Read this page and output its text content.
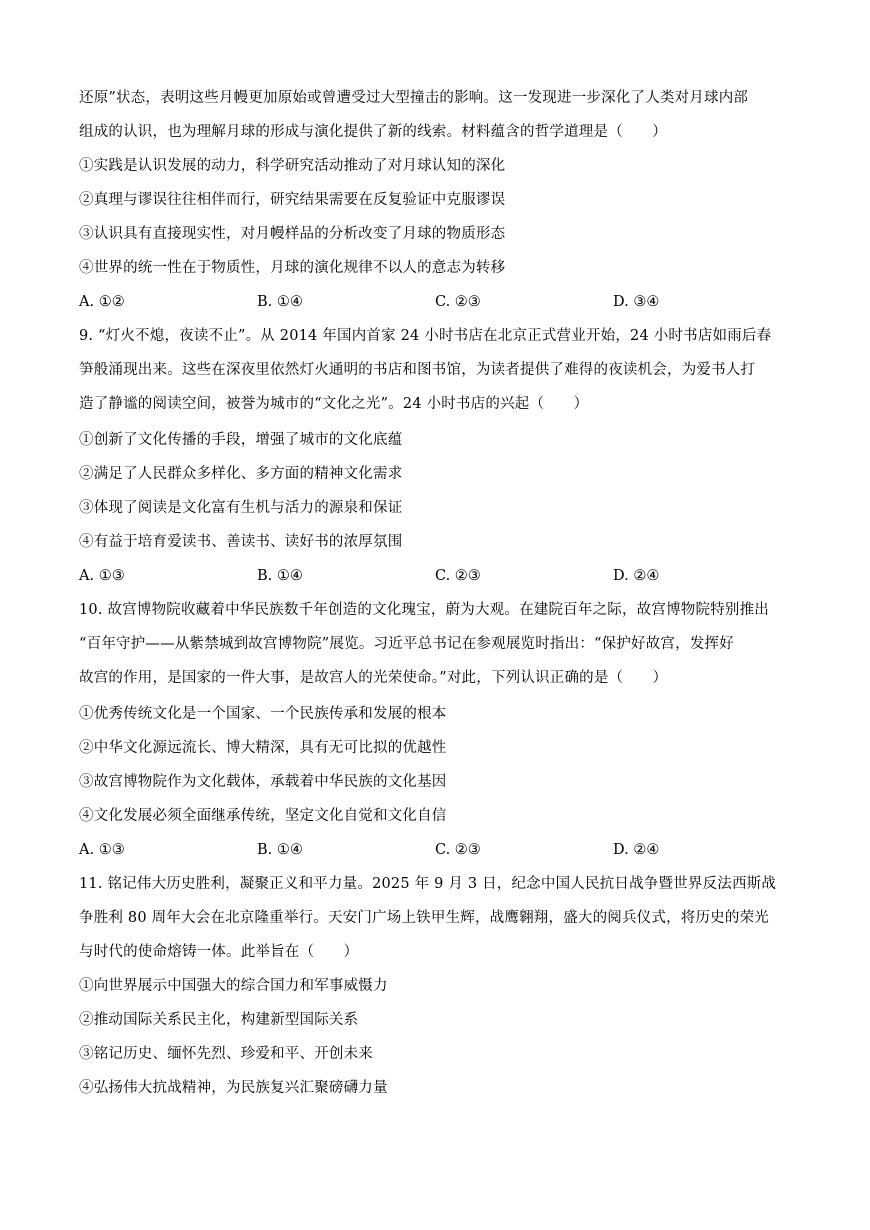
还原”状态，表明这些月幔更加原始或曾遭受过大型撞击的影响。这一发现进一步深化了人类对月球内部
组成的认识，也为理解月球的形成与演化提供了新的线索。材料蕴含的哲学道理是（　　）
①实践是认识发展的动力，科学研究活动推动了对月球认知的深化
②真理与谬误往往相伴而行，研究结果需要在反复验证中克服谬误
③认识具有直接现实性，对月幔样品的分析改变了月球的物质形态
④世界的统一性在于物质性，月球的演化规律不以人的意志为转移
A. ①②	B. ①④	C. ②③	D. ③④
9. “灯火不熄，夜读不止”。从 2014 年国内首家 24 小时书店在北京正式营业开始，24 小时书店如雨后春
笋般涌现出来。这些在深夜里依然灯火通明的书店和图书馆，为读者提供了难得的夜读机会，为爱书人打
造了静谧的阅读空间，被誉为城市的“文化之光”。24 小时书店的兴起（　　）
①创新了文化传播的手段，增强了城市的文化底蕴
②满足了人民群众多样化、多方面的精神文化需求
③体现了阅读是文化富有生机与活力的源泉和保证
④有益于培育爱读书、善读书、读好书的浓厚氛围
A. ①③	B. ①④	C. ②③	D. ②④
10. 故宫博物院收藏着中华民族数千年创造的文化瑰宝，蔚为大观。在建院百年之际，故宫博物院特别推出
“百年守护——从紫禁城到故宫博物院”展览。习近平总书记在参观展览时指出：“保护好故宫，发挥好
故宫的作用，是国家的一件大事，是故宫人的光荣使命。”对此，下列认识正确的是（　　）
①优秀传统文化是一个国家、一个民族传承和发展的根本
②中华文化源远流长、博大精深，具有无可比拟的优越性
③故宫博物院作为文化载体，承载着中华民族的文化基因
④文化发展必须全面继承传统，坚定文化自觉和文化自信
A. ①③	B. ①④	C. ②③	D. ②④
11. 铭记伟大历史胜利，凝聚正义和平力量。2025 年 9 月 3 日，纪念中国人民抗日战争暨世界反法西斯战
争胜利 80 周年大会在北京隆重举行。天安门广场上铁甲生辉，战鹰翱翔，盛大的阅兵仪式，将历史的荣光
与时代的使命熔铸一体。此举旨在（　　）
①向世界展示中国强大的综合国力和军事威慑力
②推动国际关系民主化，构建新型国际关系
③铭记历史、缅怀先烈、珍爱和平、开创未来
④弘扬伟大抗战精神，为民族复兴汇聚磅礴力量
